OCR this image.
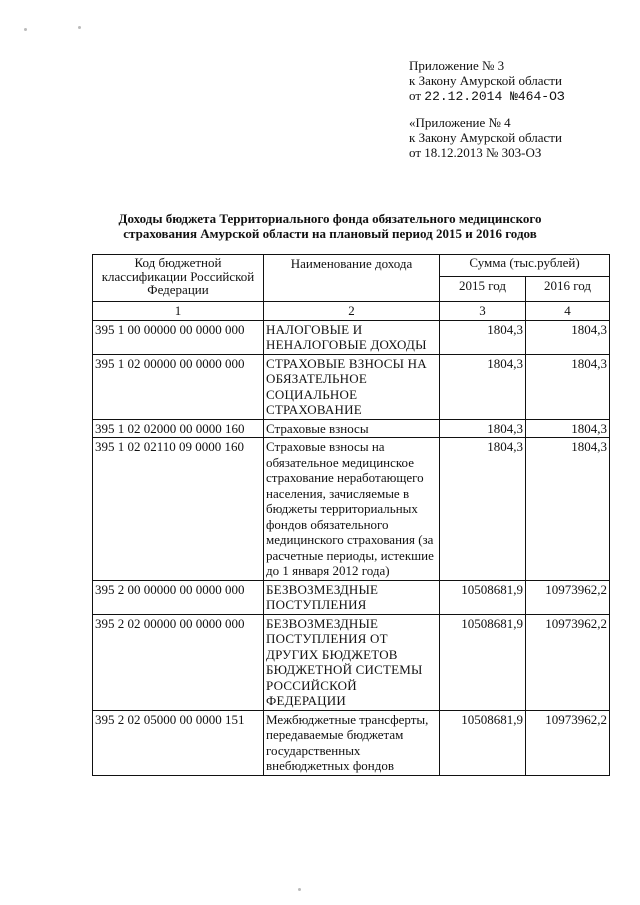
Приложение № 3
к Закону Амурской области
от 22.12.2014 №464-ОЗ
«Приложение № 4
к Закону Амурской области
от 18.12.2013 № 303-ОЗ
Доходы бюджета Территориального фонда обязательного медицинского
страхования Амурской области на плановый период 2015 и 2016 годов
Код бюджетной классификации Российской Федерации	Наименование дохода	Сумма (тыс.рублей)	
		2015 год	2016 год
1	2	3	4
395 1 00 00000 00 0000 000	НАЛОГОВЫЕ И НЕНАЛОГОВЫЕ ДОХОДЫ	1804,3	1804,3
395 1 02 00000 00 0000 000	СТРАХОВЫЕ ВЗНОСЫ НА ОБЯЗАТЕЛЬНОЕ СОЦИАЛЬНОЕ СТРАХОВАНИЕ	1804,3	1804,3
395 1 02 02000 00 0000 160	Страховые взносы	1804,3	1804,3
395 1 02 02110 09 0000 160	Страховые взносы на обязательное медицинское страхование неработающего населения, зачисляемые в бюджеты территориальных фондов обязательного медицинского страхования (за расчетные периоды, истекшие до 1 января 2012 года)	1804,3	1804,3
395 2 00 00000 00 0000 000	БЕЗВОЗМЕЗДНЫЕ ПОСТУПЛЕНИЯ	10508681,9	10973962,2
395 2 02 00000 00 0000 000	БЕЗВОЗМЕЗДНЫЕ ПОСТУПЛЕНИЯ ОТ ДРУГИХ БЮДЖЕТОВ БЮДЖЕТНОЙ СИСТЕМЫ РОССИЙСКОЙ ФЕДЕРАЦИИ	10508681,9	10973962,2
395 2 02 05000 00 0000 151	Межбюджетные трансферты, передаваемые бюджетам государственных внебюджетных фондов	10508681,9	10973962,2
